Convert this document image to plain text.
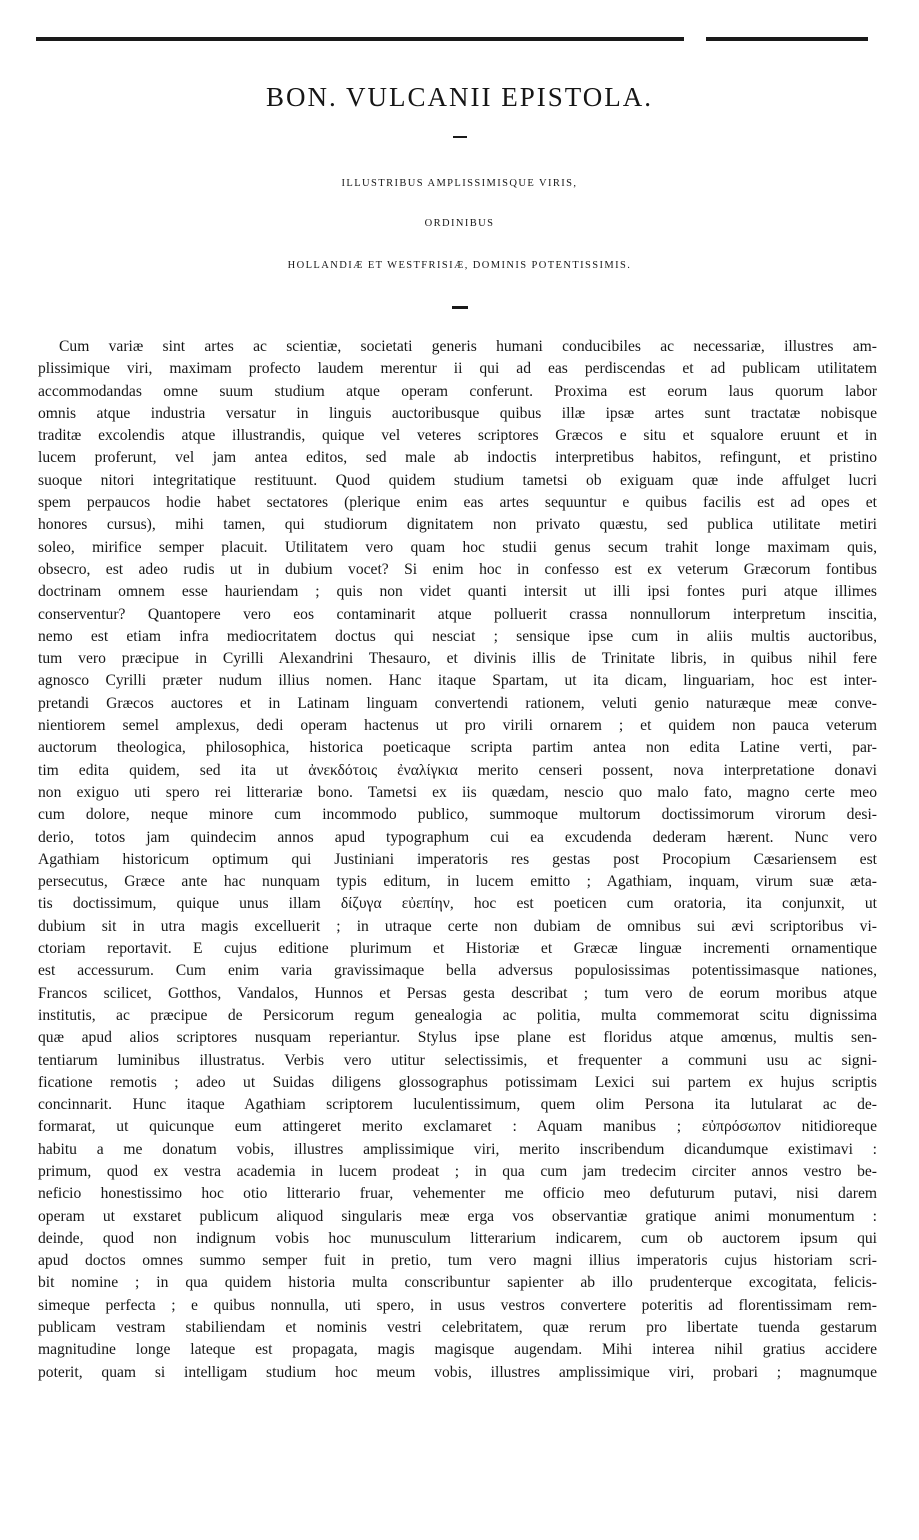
BON. VULCANII EPISTOLA.

ILLUSTRIBUS AMPLISSIMISQUE VIRIS,

ORDINIBUS

HOLLANDIÆ ET WESTFRISIÆ, DOMINIS POTENTISSIMIS.

Cum variæ sint artes ac scientiæ, societati generis humani conducibiles ac necessariæ, illustres am-
plissimique viri, maximam profecto laudem merentur ii qui ad eas perdiscendas et ad publicam utilitatem
accommodandas omne suum studium atque operam conferunt. Proxima est eorum laus quorum labor
omnis atque industria versatur in linguis auctoribusque quibus illæ ipsæ artes sunt tractatæ nobisque
traditæ excolendis atque illustrandis, quique vel veteres scriptores Græcos e situ et squalore eruunt et in
lucem proferunt, vel jam antea editos, sed male ab indoctis interpretibus habitos, refingunt, et pristino
suoque nitori integritatique restituunt. Quod quidem studium tametsi ob exiguam quæ inde affulget lucri
spem perpaucos hodie habet sectatores (plerique enim eas artes sequuntur e quibus facilis est ad opes et
honores cursus), mihi tamen, qui studiorum dignitatem non privato quæstu, sed publica utilitate metiri
soleo, mirifice semper placuit. Utilitatem vero quam hoc studii genus secum trahit longe maximam quis,
obsecro, est adeo rudis ut in dubium vocet? Si enim hoc in confesso est ex veterum Græcorum fontibus
doctrinam omnem esse hauriendam ; quis non videt quanti intersit ut illi ipsi fontes puri atque illimes
conserventur? Quantopere vero eos contaminarit atque polluerit crassa nonnullorum interpretum inscitia,
nemo est etiam infra mediocritatem doctus qui nesciat ; sensique ipse cum in aliis multis auctoribus,
tum vero præcipue in Cyrilli Alexandrini Thesauro, et divinis illis de Trinitate libris, in quibus nihil fere
agnosco Cyrilli præter nudum illius nomen. Hanc itaque Spartam, ut ita dicam, linguariam, hoc est inter-
pretandi Græcos auctores et in Latinam linguam convertendi rationem, veluti genio naturæque meæ conve-
nientiorem semel amplexus, dedi operam hactenus ut pro virili ornarem ; et quidem non pauca veterum
auctorum theologica, philosophica, historica poeticaque scripta partim antea non edita Latine verti, par-
tim edita quidem, sed ita ut ἀνεκδότοις ἐναλίγκια merito censeri possent, nova interpretatione donavi
non exiguo uti spero rei litterariæ bono. Tametsi ex iis quædam, nescio quo malo fato, magno certe meo
cum dolore, neque minore cum incommodo publico, summoque multorum doctissimorum virorum desi-
derio, totos jam quindecim annos apud typographum cui ea excudenda dederam hærent. Nunc vero
Agathiam historicum optimum qui Justiniani imperatoris res gestas post Procopium Cæsariensem est
persecutus, Græce ante hac nunquam typis editum, in lucem emitto ; Agathiam, inquam, virum suæ æta-
tis doctissimum, quique unus illam δίζυγα εὐεπίην, hoc est poeticen cum oratoria, ita conjunxit, ut
dubium sit in utra magis excelluerit ; in utraque certe non dubiam de omnibus sui ævi scriptoribus vi-
ctoriam reportavit. E cujus editione plurimum et Historiæ et Græcæ linguæ incrementi ornamentique
est accessurum. Cum enim varia gravissimaque bella adversus populosissimas potentissimasque nationes,
Francos scilicet, Gotthos, Vandalos, Hunnos et Persas gesta describat ; tum vero de eorum moribus atque
institutis, ac præcipue de Persicorum regum genealogia ac politia, multa commemorat scitu dignissima
quæ apud alios scriptores nusquam reperiantur. Stylus ipse plane est floridus atque amœnus, multis sen-
tentiarum luminibus illustratus. Verbis vero utitur selectissimis, et frequenter a communi usu ac signi-
ficatione remotis ; adeo ut Suidas diligens glossographus potissimam Lexici sui partem ex hujus scriptis
concinnarit. Hunc itaque Agathiam scriptorem luculentissimum, quem olim Persona ita lutularat ac de-
formarat, ut quicunque eum attingeret merito exclamaret : Aquam manibus ; εὐπρόσωπον nitidioreque
habitu a me donatum vobis, illustres amplissimique viri, merito inscribendum dicandumque existimavi :
primum, quod ex vestra academia in lucem prodeat ; in qua cum jam tredecim circiter annos vestro be-
neficio honestissimo hoc otio litterario fruar, vehementer me officio meo defuturum putavi, nisi darem
operam ut exstaret publicum aliquod singularis meæ erga vos observantiæ gratique animi monumentum :
deinde, quod non indignum vobis hoc munusculum litterarium indicarem, cum ob auctorem ipsum qui
apud doctos omnes summo semper fuit in pretio, tum vero magni illius imperatoris cujus historiam scri-
bit nomine ; in qua quidem historia multa conscribuntur sapienter ab illo prudenterque excogitata, felicis-
simeque perfecta ; e quibus nonnulla, uti spero, in usus vestros convertere poteritis ad florentissimam rem-
publicam vestram stabiliendam et nominis vestri celebritatem, quæ rerum pro libertate tuenda gestarum
magnitudine longe lateque est propagata, magis magisque augendam. Mihi interea nihil gratius accidere
poterit, quam si intelligam studium hoc meum vobis, illustres amplissimique viri, probari ; magnumque
